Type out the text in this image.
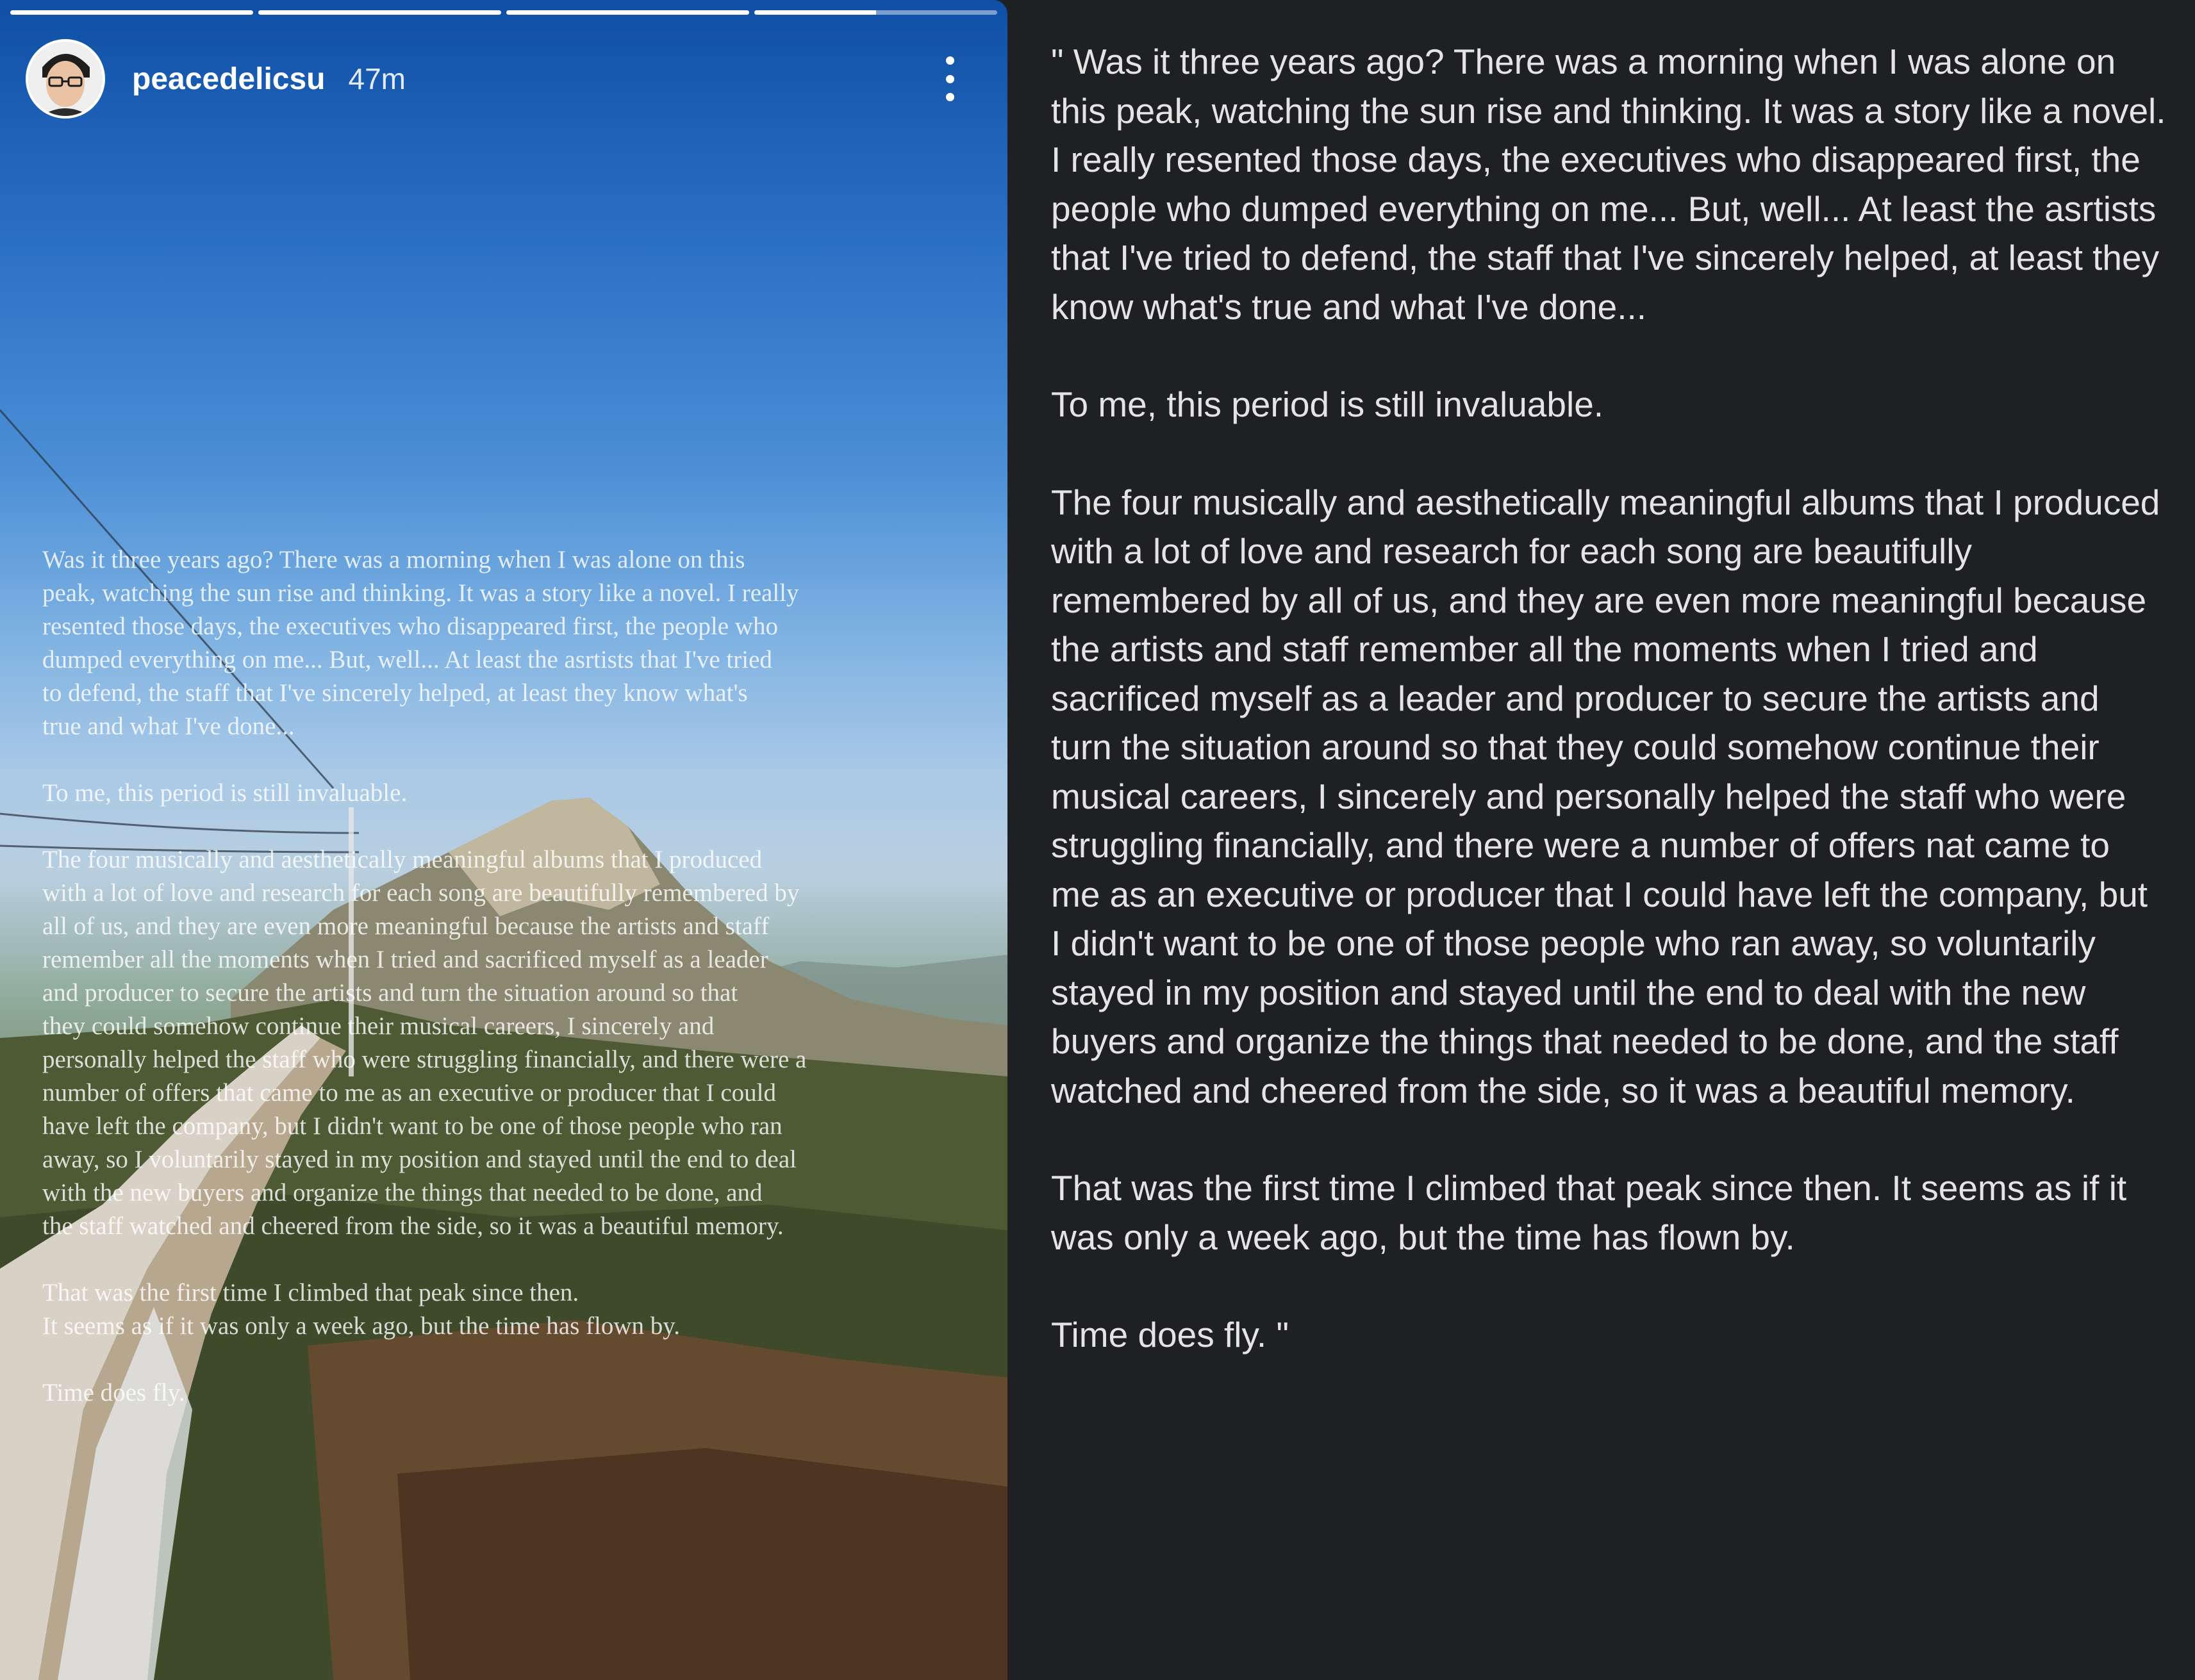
peacedelicsu 47m

Was it three years ago? There was a morning when I was alone on this
peak, watching the sun rise and thinking. It was a story like a novel. I really
resented those days, the executives who disappeared first, the people who
dumped everything on me... But, well... At least the asrtists that I've tried
to defend, the staff that I've sincerely helped, at least they know what's
true and what I've done...

To me, this period is still invaluable.

The four musically and aesthetically meaningful albums that I produced
with a lot of love and research for each song are beautifully remembered by
all of us, and they are even more meaningful because the artists and staff
remember all the moments when I tried and sacrificed myself as a leader
and producer to secure the artists and turn the situation around so that
they could somehow continue their musical careers, I sincerely and
personally helped the staff who were struggling financially, and there were a
number of offers that came to me as an executive or producer that I could
have left the company, but I didn't want to be one of those people who ran
away, so I voluntarily stayed in my position and stayed until the end to deal
with the new buyers and organize the things that needed to be done, and
the staff watched and cheered from the side, so it was a beautiful memory.

That was the first time I climbed that peak since then.
It seems as if it was only a week ago, but the time has flown by.

Time does fly.

" Was it three years ago? There was a morning when I was alone on this peak, watching the sun rise and thinking. It was a story like a novel. I really resented those days, the executives who disappeared first, the people who dumped everything on me... But, well... At least the asrtists that I've tried to defend, the staff that I've sincerely helped, at least they know what's true and what I've done...

To me, this period is still invaluable.

The four musically and aesthetically meaningful albums that I produced with a lot of love and research for each song are beautifully remembered by all of us, and they are even more meaningful because the artists and staff remember all the moments when I tried and sacrificed myself as a leader and producer to secure the artists and turn the situation around so that they could somehow continue their musical careers, I sincerely and personally helped the staff who were struggling financially, and there were a number of offers nat came to me as an executive or producer that I could have left the company, but I didn't want to be one of those people who ran away, so voluntarily stayed in my position and stayed until the end to deal with the new buyers and organize the things that needed to be done, and the staff watched and cheered from the side, so it was a beautiful memory.

That was the first time I climbed that peak since then. It seems as if it was only a week ago, but the time has flown by.

Time does fly. "
